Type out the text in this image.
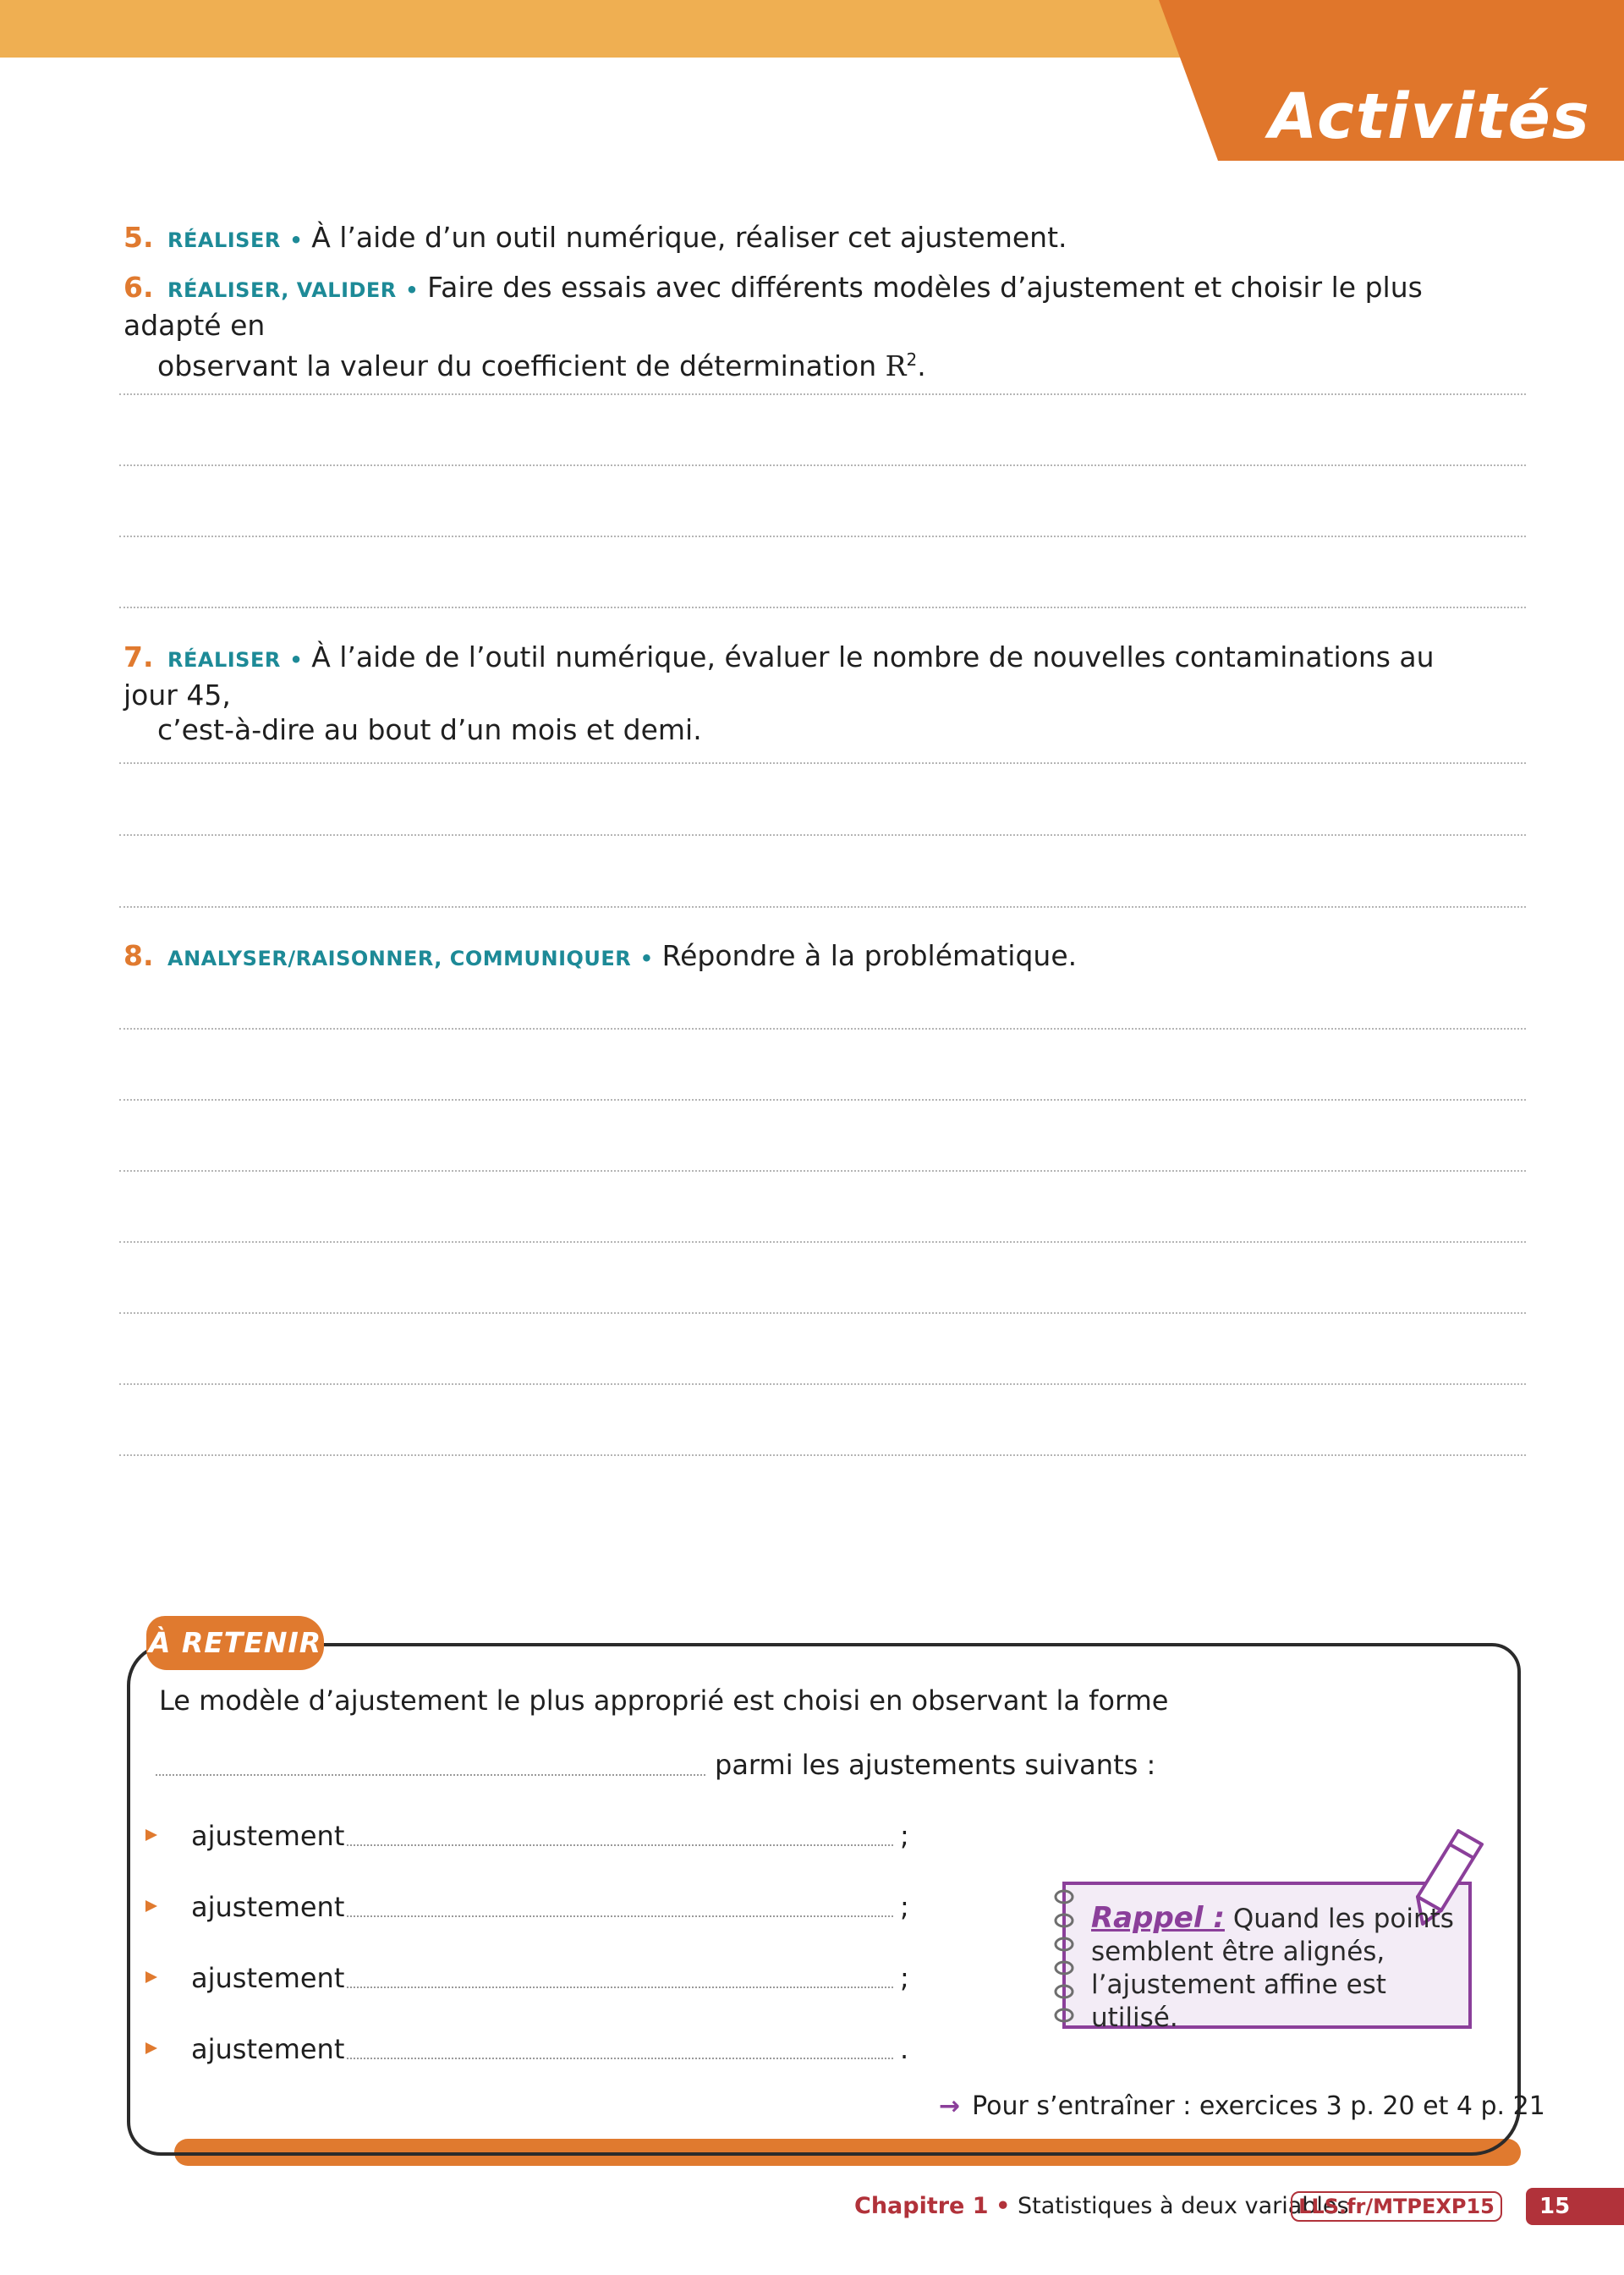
Activités
5. RÉALISER • À l’aide d’un outil numérique, réaliser cet ajustement.
6. RÉALISER, VALIDER • Faire des essais avec différents modèles d’ajustement et choisir le plus adapté en
observant la valeur du coefficient de détermination $R^2$.
7. RÉALISER • À l’aide de l’outil numérique, évaluer le nombre de nouvelles contaminations au jour 45,
c’est-à-dire au bout d’un mois et demi.
8. ANALYSER/RAISONNER, COMMUNIQUER • Répondre à la problématique.
À RETENIR
Le modèle d’ajustement le plus approprié est choisi en observant la forme
parmi les ajustements suivants :
ajustement	;
ajustement	;
ajustement	;
ajustement	.
Rappel : Quand les points semblent être alignés, l’ajustement affine est utilisé.
→ Pour s’entraîner : exercices 3 p. 20 et 4 p. 21
Chapitre 1 • Statistiques à deux variables
LLS.fr/MTPEXP15	15
